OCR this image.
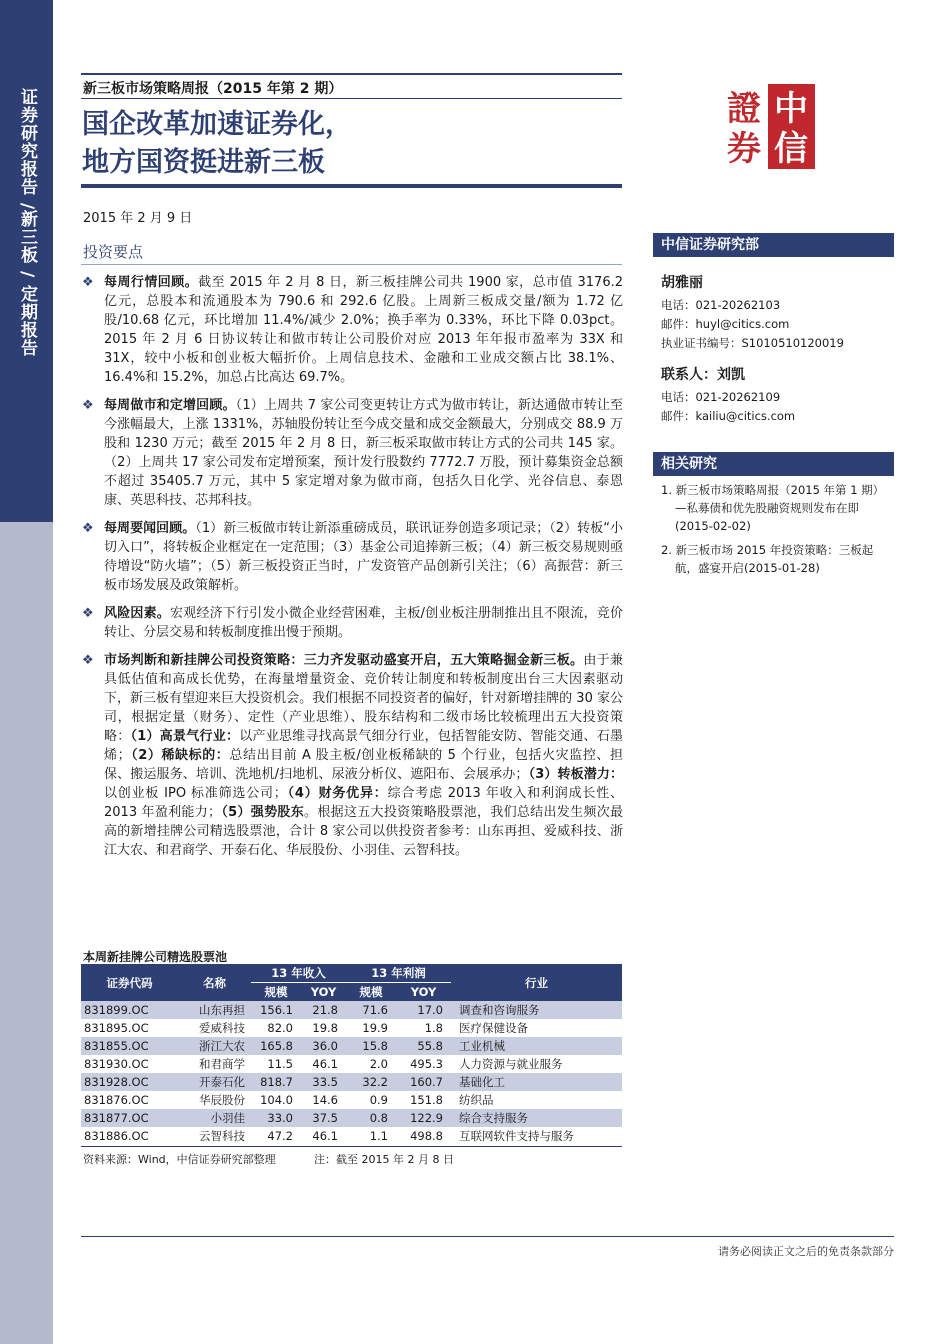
证券研究报告 /新三板 / 定期报告	新三板市场策略周报（2015 年第 2 期）
国企改革加速证券化，
地方国资挺进新三板
2015 年 2 月 9 日
投资要点
中
信
證
券
中信证券研究部
胡雅丽
电话：021-20262103
邮件：huyl@citics.com
执业证书编号：S1010510120019
联系人：刘凯
电话：021-20262109
邮件：kailiu@citics.com
相关研究
1. 新三板市场策略周报（2015 年第 1 期）
—私募债和优先股融资规则发布在即
(2015-02-02)
2. 新三板市场 2015 年投资策略：三板起
航，盛宴开启(2015-01-28)
❖ 每周行情回顾。截至 2015 年 2 月 8 日，新三板挂牌公司共 1900 家，总市值 3176.2 亿元，总股本和流通股本为 790.6 和 292.6 亿股。上周新三板成交量/额为 1.72 亿股/10.68 亿元，环比增加 11.4%/减少 2.0%；换手率为 0.33%，环比下降 0.03pct。2015 年 2 月 6 日协议转让和做市转让公司股价对应 2013 年年报市盈率为 33X 和 31X，较中小板和创业板大幅折价。上周信息技术、金融和工业成交额占比 38.1%、16.4%和 15.2%，加总占比高达 69.7%。
❖ 每周做市和定增回顾。（1）上周共 7 家公司变更转让方式为做市转让，新达通做市转让至今涨幅最大，上涨 1331%，苏轴股份转让至今成交量和成交金额最大，分别成交 88.9 万股和 1230 万元；截至 2015 年 2 月 8 日，新三板采取做市转让方式的公司共 145 家。（2）上周共 17 家公司发布定增预案，预计发行股数约 7772.7 万股，预计募集资金总额不超过 35405.7 万元，其中 5 家定增对象为做市商，包括久日化学、光谷信息、泰恩康、英思科技、芯邦科技。
❖ 每周要闻回顾。（1）新三板做市转让新添重磅成员，联讯证券创造多项记录；（2）转板“小切入口”，将转板企业框定在一定范围；（3）基金公司追捧新三板；（4）新三板交易规则亟待增设“防火墙”；（5）新三板投资正当时，广发资管产品创新引关注；（6）高振营：新三板市场发展及政策解析。
❖ 风险因素。宏观经济下行引发小微企业经营困难，主板/创业板注册制推出且不限流，竞价转让、分层交易和转板制度推出慢于预期。
❖ 市场判断和新挂牌公司投资策略：三力齐发驱动盛宴开启，五大策略掘金新三板。由于兼具低估值和高成长优势，在海量增量资金、竞价转让制度和转板制度出台三大因素驱动下，新三板有望迎来巨大投资机会。我们根据不同投资者的偏好，针对新增挂牌的 30 家公司，根据定量（财务）、定性（产业思维）、股东结构和二级市场比较梳理出五大投资策略：（1）高景气行业：以产业思维寻找高景气细分行业，包括智能安防、智能交通、石墨烯；（2）稀缺标的：总结出目前 A 股主板/创业板稀缺的 5 个行业，包括火灾监控、担保、搬运服务、培训、洗地机/扫地机、尿液分析仪、遮阳布、会展承办；（3）转板潜力：以创业板 IPO 标准筛选公司；（4）财务优异：综合考虑 2013 年收入和利润成长性、2013 年盈利能力；（5）强势股东。根据这五大投资策略股票池，我们总结出发生频次最高的新增挂牌公司精选股票池，合计 8 家公司以供投资者参考：山东再担、爱威科技、浙江大农、和君商学、开泰石化、华辰股份、小羽佳、云智科技。
本周新挂牌公司精选股票池
证券代码	名称	13 年收入		13 年利润		行业
		规模	YOY	规模	YOY	
831899.OC	山东再担	156.1	21.8	71.6	17.0	调查和咨询服务
831895.OC	爱威科技	82.0	19.8	19.9	1.8	医疗保健设备
831855.OC	浙江大农	165.8	36.0	15.8	55.8	工业机械
831930.OC	和君商学	11.5	46.1	2.0	495.3	人力资源与就业服务
831928.OC	开泰石化	818.7	33.5	32.2	160.7	基础化工
831876.OC	华辰股份	104.0	14.6	0.9	151.8	纺织品
831877.OC	小羽佳	33.0	37.5	0.8	122.9	综合支持服务
831886.OC	云智科技	47.2	46.1	1.1	498.8	互联网软件支持与服务
资料来源：Wind，中信证券研究部整理	注：截至 2015 年 2 月 8 日
请务必阅读正文之后的免责条款部分
